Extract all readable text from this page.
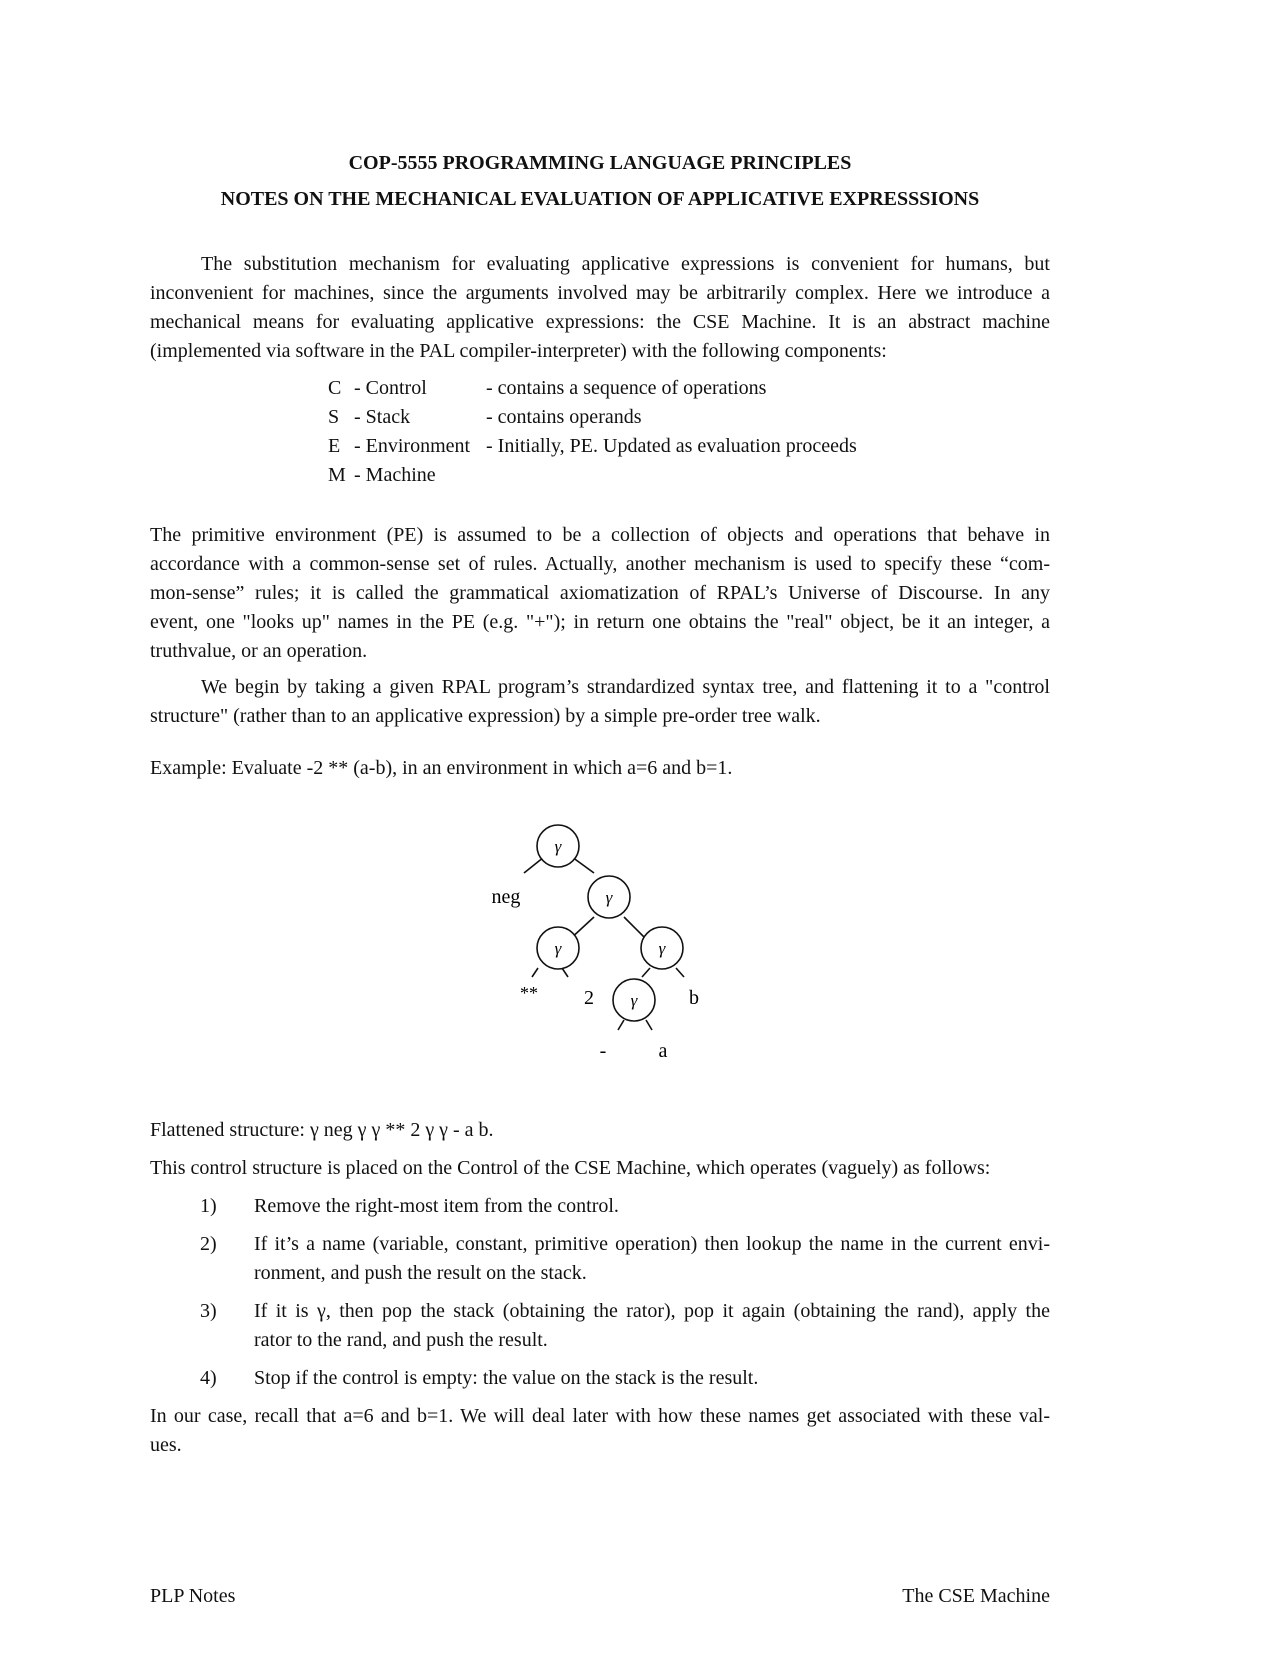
COP-5555 PROGRAMMING LANGUAGE PRINCIPLES
NOTES ON THE MECHANICAL EVALUATION OF APPLICATIVE EXPRESSSIONS
The substitution mechanism for evaluating applicative expressions is convenient for humans, but
inconvenient for machines, since the arguments involved may be arbitrarily complex. Here we introduce a
mechanical means for evaluating applicative expressions: the CSE Machine. It is an abstract machine
(implemented via software in the PAL compiler-interpreter) with the following components:
C - Control	- contains a sequence of operations
S - Stack	- contains operands
E - Environment - Initially, PE. Updated as evaluation proceeds
M - Machine
The primitive environment (PE) is assumed to be a collection of objects and operations that behave in
accordance with a common-sense set of rules. Actually, another mechanism is used to specify these “com-
mon-sense” rules; it is called the grammatical axiomatization of RPAL’s Universe of Discourse. In any
event, one "looks up" names in the PE (e.g. "+"); in return one obtains the "real" object, be it an integer, a
truthvalue, or an operation.
We begin by taking a given RPAL program’s strandardized syntax tree, and flattening it to a "control
structure" (rather than to an applicative expression) by a simple pre-order tree walk.
Example: Evaluate -2 ** (a-b), in an environment in which a=6 and b=1.
γ
γ
γ	γ
γ
neg
** 2	b
-	a
Flattened structure: γ neg γ γ ** 2 γ γ - a b.
This control structure is placed on the Control of the CSE Machine, which operates (vaguely) as follows:
1) Remove the right-most item from the control.
2) If it’s a name (variable, constant, primitive operation) then lookup the name in the current envi-
ronment, and push the result on the stack.
3) If it is γ, then pop the stack (obtaining the rator), pop it again (obtaining the rand), apply the
rator to the rand, and push the result.
4) Stop if the control is empty: the value on the stack is the result.
In our case, recall that a=6 and b=1. We will deal later with how these names get associated with these val-
ues.
PLP Notes	The CSE Machine
